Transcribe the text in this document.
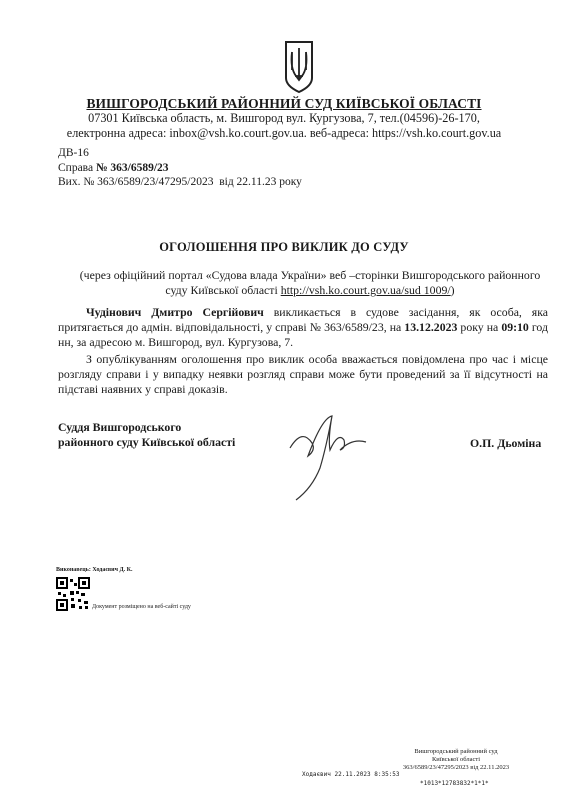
ВИШГОРОДСЬКИЙ РАЙОННИЙ СУД КИЇВСЬКОЇ ОБЛАСТІ
07301 Київська область, м. Вишгород вул. Кургузова, 7, тел.(04596)-26-170,
електронна адреса: inbox@vsh.ko.court.gov.ua. веб-адреса: https://vsh.ko.court.gov.ua
ДВ-16
Справа № 363/6589/23
Вих. № 363/6589/23/47295/2023 від 22.11.23 року
ОГОЛОШЕННЯ ПРО ВИКЛИК ДО СУДУ
(через офіційний портал «Судова влада України» веб –сторінки Вишгородського районного суду Київської області http://vsh.ko.court.gov.ua/sud 1009/)
Чудінович Дмитро Сергійович викликається в судове засідання, як особа, яка притягається до адмін. відповідальності, у справі № 363/6589/23, на 13.12.2023 року на 09:10 год нн, за адресою м. Вишгород, вул. Кургузова, 7.
З опублікуванням оголошення про виклик особа вважається повідомлена про час і місце розгляду справи і у випадку неявки розгляд справи може бути проведений за її відсутності на підставі наявних у справі доказів.
Суддя Вишгородського
районного суду Київської області	О.П. Дьоміна
Виконавець: Ходаєвич Д. К.
Документ розміщено на веб-сайті суду
Вишгородський районний суд
Київської області
363/6589/23/47295/2023 від 22.11.2023
Ходаєвич 22.11.2023 8:35:53
*1013*12783832*1*1*
